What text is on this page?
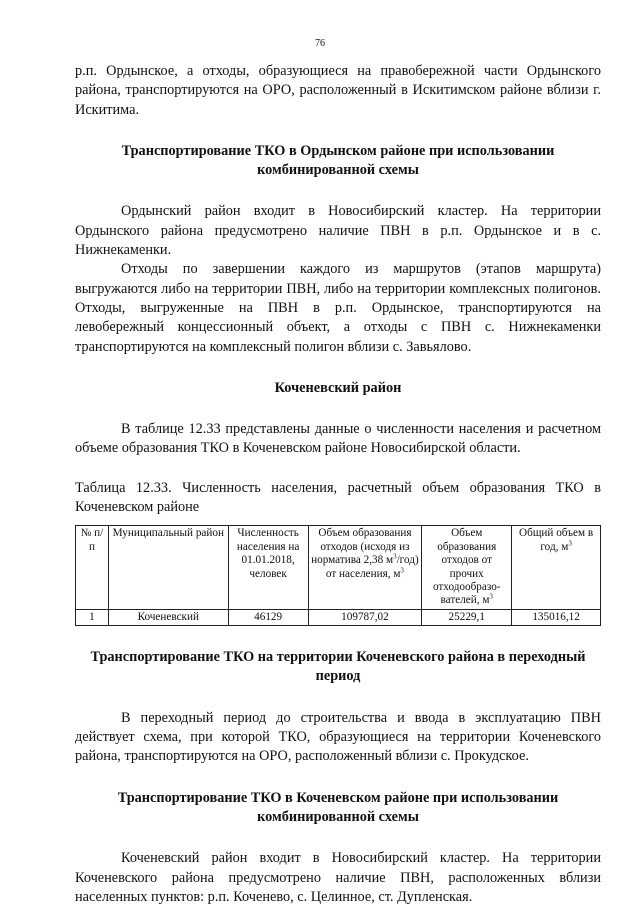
76

р.п. Ордынское, а отходы, образующиеся на правобережной части Ордынского района, транспортируются на ОРО, расположенный в Искитимском районе вблизи г. Искитима.

Транспортирование ТКО в Ордынском районе при использовании комбинированной схемы

Ордынский район входит в Новосибирский кластер. На территории Ордынского района предусмотрено наличие ПВН в р.п. Ордынское и в с. Нижнекаменки.

Отходы по завершении каждого из маршрутов (этапов маршрута) выгружаются либо на территории ПВН, либо на территории комплексных полигонов. Отходы, выгруженные на ПВН в р.п. Ордынское, транспортируются на левобережный концессионный объект, а отходы с ПВН с. Нижнекаменки транспортируются на комплексный полигон вблизи с. Завьялово.

Коченевский район

В таблице 12.33 представлены данные о численности населения и расчетном объеме образования ТКО в Коченевском районе Новосибирской области.

Таблица 12.33. Численность населения, расчетный объем образования ТКО в Коченевском районе

№ п/п	Муниципальный район	Численность населения на 01.01.2018, человек	Объем образования отходов (исходя из норматива 2,38 $м^3/год$) от населения, $м^3$	Объем образования отходов от прочих отходообразо-вателей, $м^3$	Общий объем в год, $м^3$
1	Коченевский	46129	109787,02	25229,1	135016,12
Транспортирование ТКО на территории Коченевского района в переходный период

В переходный период до строительства и ввода в эксплуатацию ПВН действует схема, при которой ТКО, образующиеся на территории Коченевского района, транспортируются на ОРО, расположенный вблизи с. Прокудское.

Транспортирование ТКО в Коченевском районе при использовании комбинированной схемы

Коченевский район входит в Новосибирский кластер. На территории Коченевского района предусмотрено наличие ПВН, расположенных вблизи населенных пунктов: р.п. Коченево, с. Целинное, ст. Дупленская.
